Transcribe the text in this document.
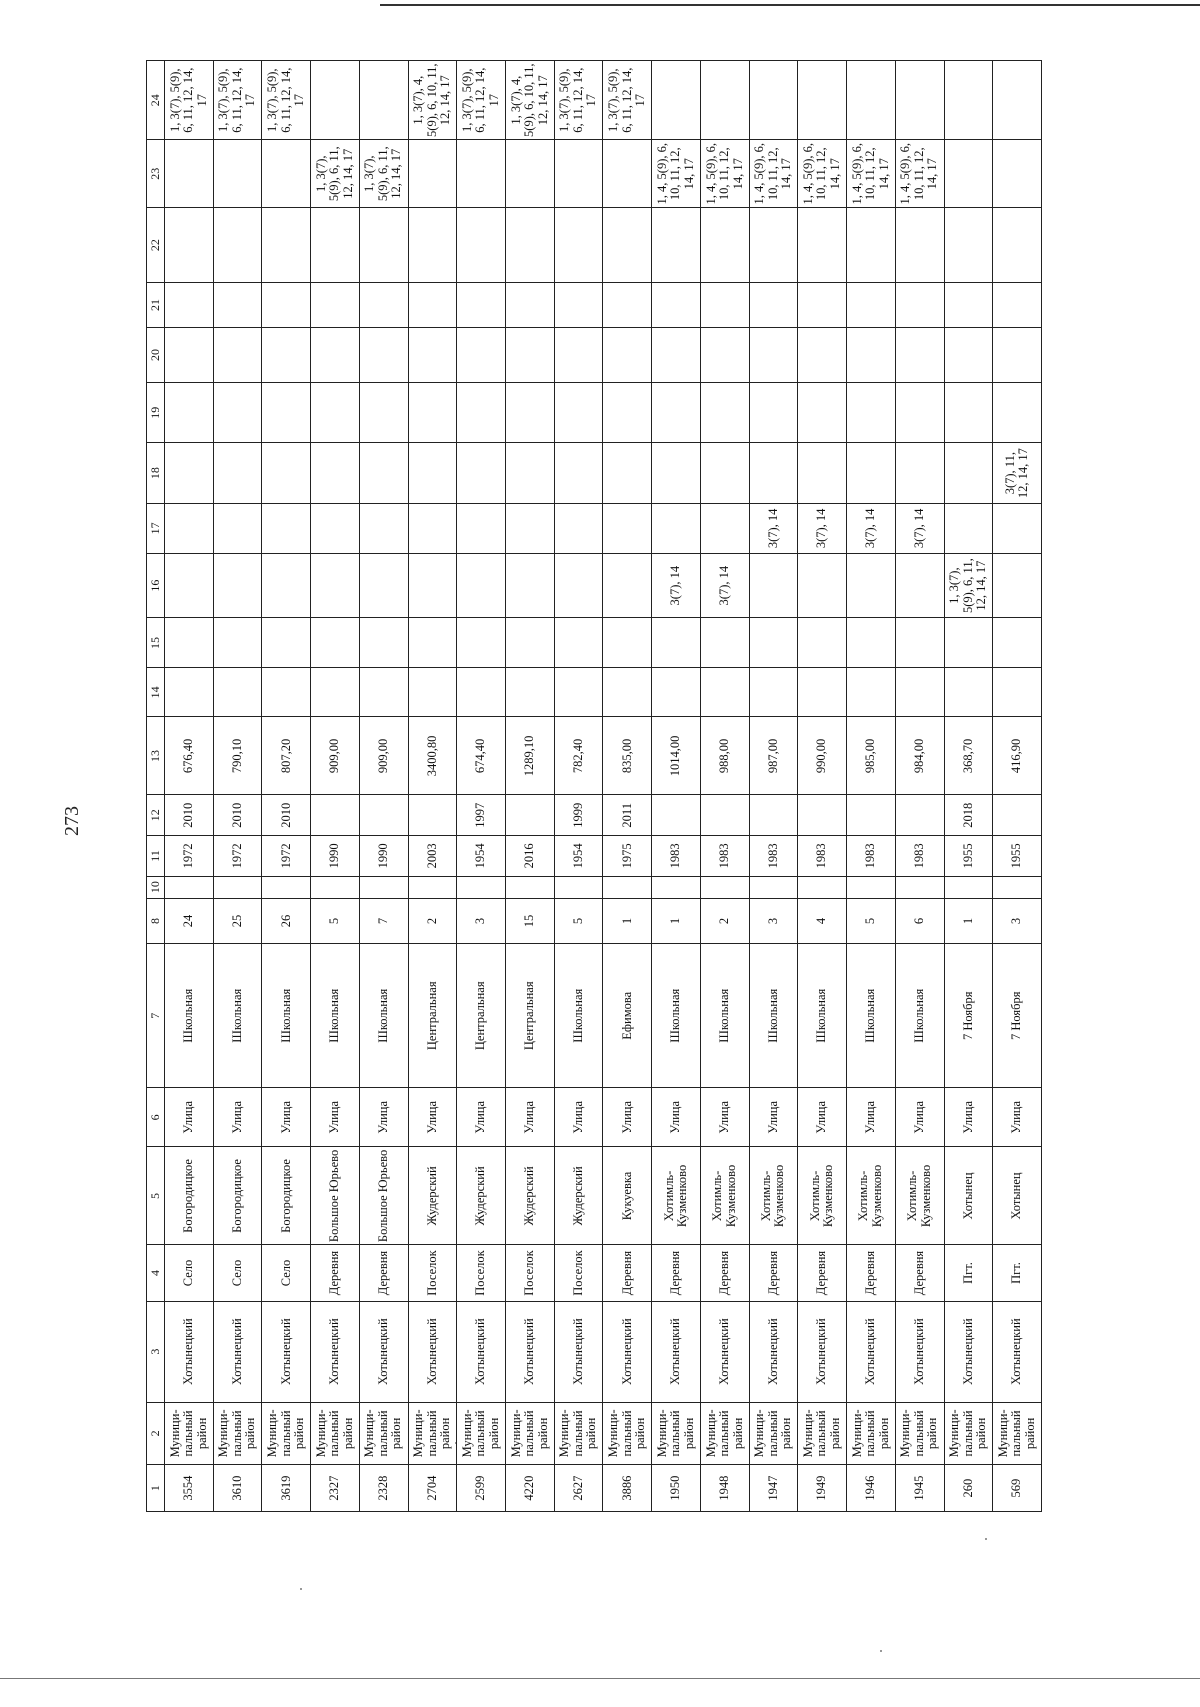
273
1	2	3	4	5	6	7	8	10	11	12	13	14	15	16	17	18	19	20	21	22	23	24
3554	Муници-пальный район	Хотынецкий	Село	Богородицкое	Улица	Школьная	24		1972	2010	676,40											1, 3(7), 5(9), 6, 11, 12, 14, 17
3610	Муници-пальный район	Хотынецкий	Село	Богородицкое	Улица	Школьная	25		1972	2010	790,10											1, 3(7), 5(9), 6, 11, 12, 14, 17
3619	Муници-пальный район	Хотынецкий	Село	Богородицкое	Улица	Школьная	26		1972	2010	807,20											1, 3(7), 5(9), 6, 11, 12, 14, 17
2327	Муници-пальный район	Хотынецкий	Деревня	Большое Юрьево	Улица	Школьная	5		1990		909,00										1, 3(7), 5(9), 6, 11, 12, 14, 17	
2328	Муници-пальный район	Хотынецкий	Деревня	Большое Юрьево	Улица	Школьная	7		1990		909,00										1, 3(7), 5(9), 6, 11, 12, 14, 17	
2704	Муници-пальный район	Хотынецкий	Поселок	Жудерский	Улица	Центральная	2		2003		3400,80											1, 3(7), 4, 5(9), 6, 10, 11, 12, 14, 17
2599	Муници-пальный район	Хотынецкий	Поселок	Жудерский	Улица	Центральная	3		1954	1997	674,40											1, 3(7), 5(9), 6, 11, 12, 14, 17
4220	Муници-пальный район	Хотынецкий	Поселок	Жудерский	Улица	Центральная	15		2016		1289,10											1, 3(7), 4, 5(9), 6, 10, 11, 12, 14, 17
2627	Муници-пальный район	Хотынецкий	Поселок	Жудерский	Улица	Школьная	5		1954	1999	782,40											1, 3(7), 5(9), 6, 11, 12, 14, 17
3886	Муници-пальный район	Хотынецкий	Деревня	Кукуевка	Улица	Ефимова	1		1975	2011	835,00											1, 3(7), 5(9), 6, 11, 12, 14, 17
1950	Муници-пальный район	Хотынецкий	Деревня	Хотимль-Кузменково	Улица	Школьная	1		1983		1014,00			3(7), 14							1, 4, 5(9), 6, 10, 11, 12, 14, 17	
1948	Муници-пальный район	Хотынецкий	Деревня	Хотимль-Кузменково	Улица	Школьная	2		1983		988,00			3(7), 14							1, 4, 5(9), 6, 10, 11, 12, 14, 17	
1947	Муници-пальный район	Хотынецкий	Деревня	Хотимль-Кузменково	Улица	Школьная	3		1983		987,00				3(7), 14						1, 4, 5(9), 6, 10, 11, 12, 14, 17	
1949	Муници-пальный район	Хотынецкий	Деревня	Хотимль-Кузменково	Улица	Школьная	4		1983		990,00				3(7), 14						1, 4, 5(9), 6, 10, 11, 12, 14, 17	
1946	Муници-пальный район	Хотынецкий	Деревня	Хотимль-Кузменково	Улица	Школьная	5		1983		985,00				3(7), 14						1, 4, 5(9), 6, 10, 11, 12, 14, 17	
1945	Муници-пальный район	Хотынецкий	Деревня	Хотимль-Кузменково	Улица	Школьная	6		1983		984,00				3(7), 14						1, 4, 5(9), 6, 10, 11, 12, 14, 17	
260	Муници-пальный район	Хотынецкий	Пгт.	Хотынец	Улица	7 Ноября	1		1955	2018	368,70			1, 3(7), 5(9), 6, 11, 12, 14, 17								
569	Муници-пальный район	Хотынецкий	Пгт.	Хотынец	Улица	7 Ноября	3		1955		416,90					3(7), 11, 12, 14, 17						
